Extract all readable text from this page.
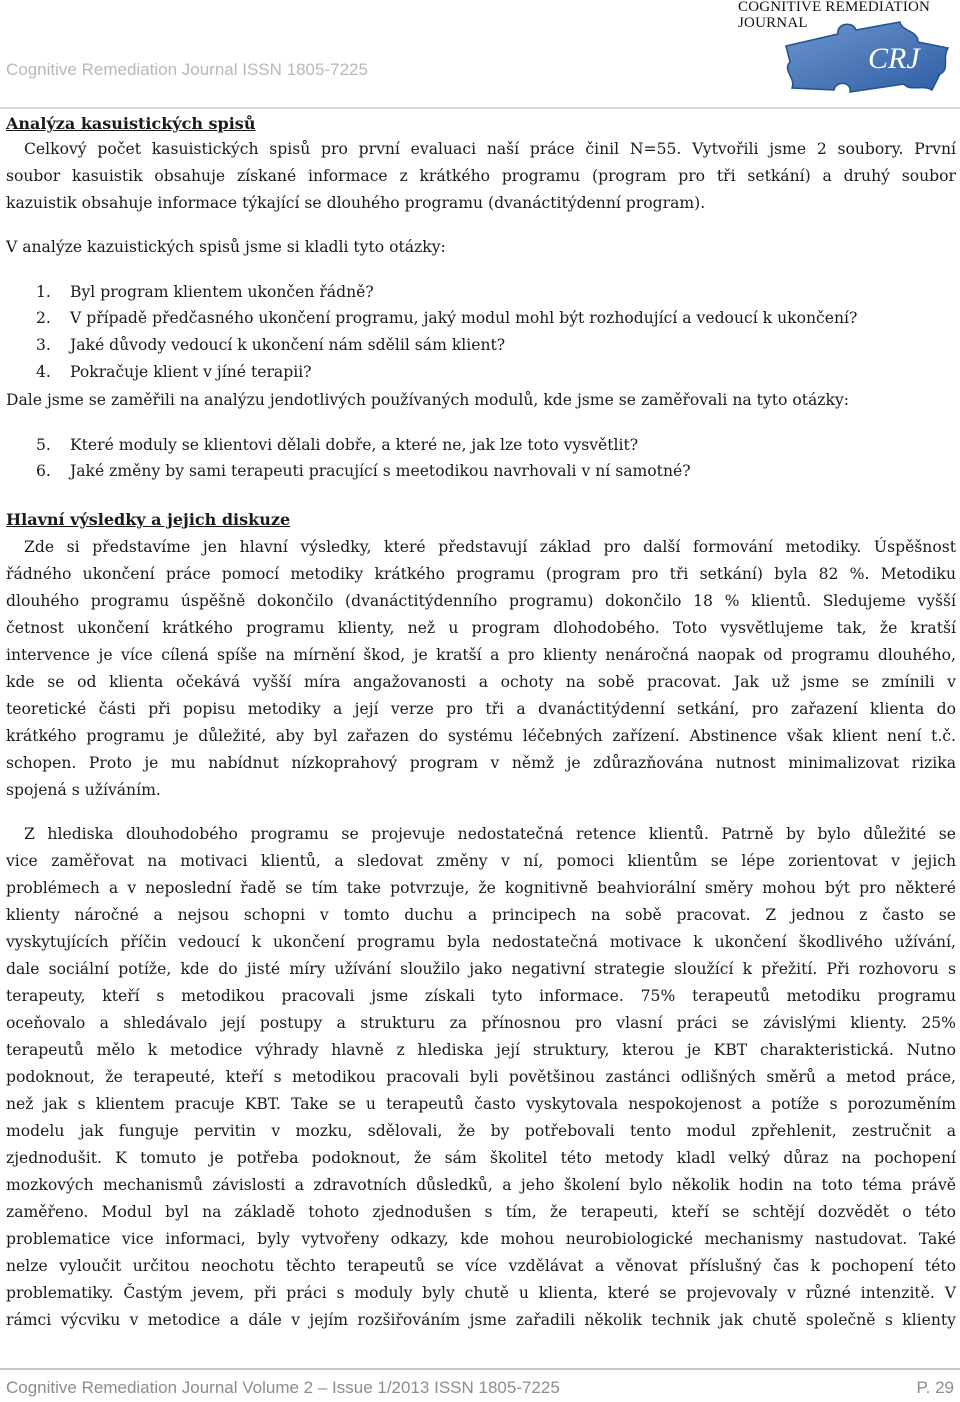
Cognitive Remediation Journal ISSN 1805-7225
COGNITIVE REMEDIATION
JOURNAL
CRJ
Analýza kasuistických spisů
Celkový počet kasuistických spisů pro první evaluaci naší práce činil N=55. Vytvořili jsme 2 soubory. První
soubor kasuistik obsahuje získané informace z krátkého programu (program pro tři setkání) a druhý soubor
kazuistik obsahuje informace týkající se dlouhého programu (dvanáctitýdenní program).
V analýze kazuistických spisů jsme si kladli tyto otázky:
1. Byl program klientem ukončen řádně?
2. V případě předčasného ukončení programu, jaký modul mohl být rozhodující a vedoucí k ukončení?
3. Jaké důvody vedoucí k ukončení nám sdělil sám klient?
4. Pokračuje klient v jíné terapii?
Dale jsme se zaměřili na analýzu jendotlivých používaných modulů, kde jsme se zaměřovali na tyto otázky:
5. Které moduly se klientovi dělali dobře, a které ne, jak lze toto vysvětlit?
6. Jaké změny by sami terapeuti pracující s meetodikou navrhovali v ní samotné?
Hlavní výsledky a jejich diskuze
Zde si představíme jen hlavní výsledky, které představují základ pro další formování metodiky. Úspěšnost
řádného ukončení práce pomocí metodiky krátkého programu (program pro tři setkání) byla 82 %. Metodiku
dlouhého programu úspěšně dokončilo (dvanáctitýdenního programu) dokončilo 18 % klientů. Sledujeme vyšší
četnost ukončení krátkého programu klienty, než u program dlohodobého. Toto vysvětlujeme tak, že kratší
intervence je více cílená spíše na mírnění škod, je kratší a pro klienty nenáročná naopak od programu dlouhého,
kde se od klienta očekává vyšší míra angažovanosti a ochoty na sobě pracovat. Jak už jsme se zmínili v
teoretické části při popisu metodiky a její verze pro tři a dvanáctitýdenní setkání, pro zařazení klienta do
krátkého programu je důležité, aby byl zařazen do systému léčebných zařízení. Abstinence však klient není t.č.
schopen. Proto je mu nabídnut nízkoprahový program v němž je zdůrazňována nutnost minimalizovat rizika
spojená s užíváním.
Z hlediska dlouhodobého programu se projevuje nedostatečná retence klientů. Patrně by bylo důležité se
vice zaměřovat na motivaci klientů, a sledovat změny v ní, pomoci klientům se lépe zorientovat v jejich
problémech a v neposlední řadě se tím take potvrzuje, že kognitivně beahviorální směry mohou být pro některé
klienty náročné a nejsou schopni v tomto duchu a principech na sobě pracovat. Z jednou z často se
vyskytujících příčin vedoucí k ukončení programu byla nedostatečná motivace k ukončení škodlivého užívání,
dale sociální potíže, kde do jisté míry užívání sloužilo jako negativní strategie sloužící k přežití. Při rozhovoru s
terapeuty, kteří s metodikou pracovali jsme získali tyto informace. 75% terapeutů metodiku programu
oceňovalo a shledávalo její postupy a strukturu za přínosnou pro vlasní práci se závislými klienty. 25%
terapeutů mělo k metodice výhrady hlavně z hlediska její struktury, kterou je KBT charakteristická. Nutno
podoknout, že terapeuté, kteří s metodikou pracovali byli povětšinou zastánci odlišných směrů a metod práce,
než jak s klientem pracuje KBT. Take se u terapeutů často vyskytovala nespokojenost a potíže s porozuměním
modelu jak funguje pervitin v mozku, sdělovali, že by potřebovali tento modul zpřehlenit, zestručnit a
zjednodušit. K tomuto je potřeba podoknout, že sám školitel této metody kladl velký důraz na pochopení
mozkových mechanismů závislosti a zdravotních důsledků, a jeho školení bylo několik hodin na toto téma právě
zaměřeno. Modul byl na základě tohoto zjednodušen s tím, že terapeuti, kteří se schtějí dozvědět o této
problematice vice informaci, byly vytvořeny odkazy, kde mohou neurobiologické mechanismy nastudovat. Také
nelze vyloučit určitou neochotu těchto terapeutů se více vzdělávat a věnovat příslušný čas k pochopení této
problematiky. Častým jevem, při práci s moduly byly chutě u klienta, které se projevovaly v různé intenzitě. V
rámci výcviku v metodice a dále v jejím rozšiřováním jsme zařadili několik technik jak chutě společně s klienty
Cognitive Remediation Journal Volume 2 – Issue 1/2013 ISSN 1805-7225	P. 29
